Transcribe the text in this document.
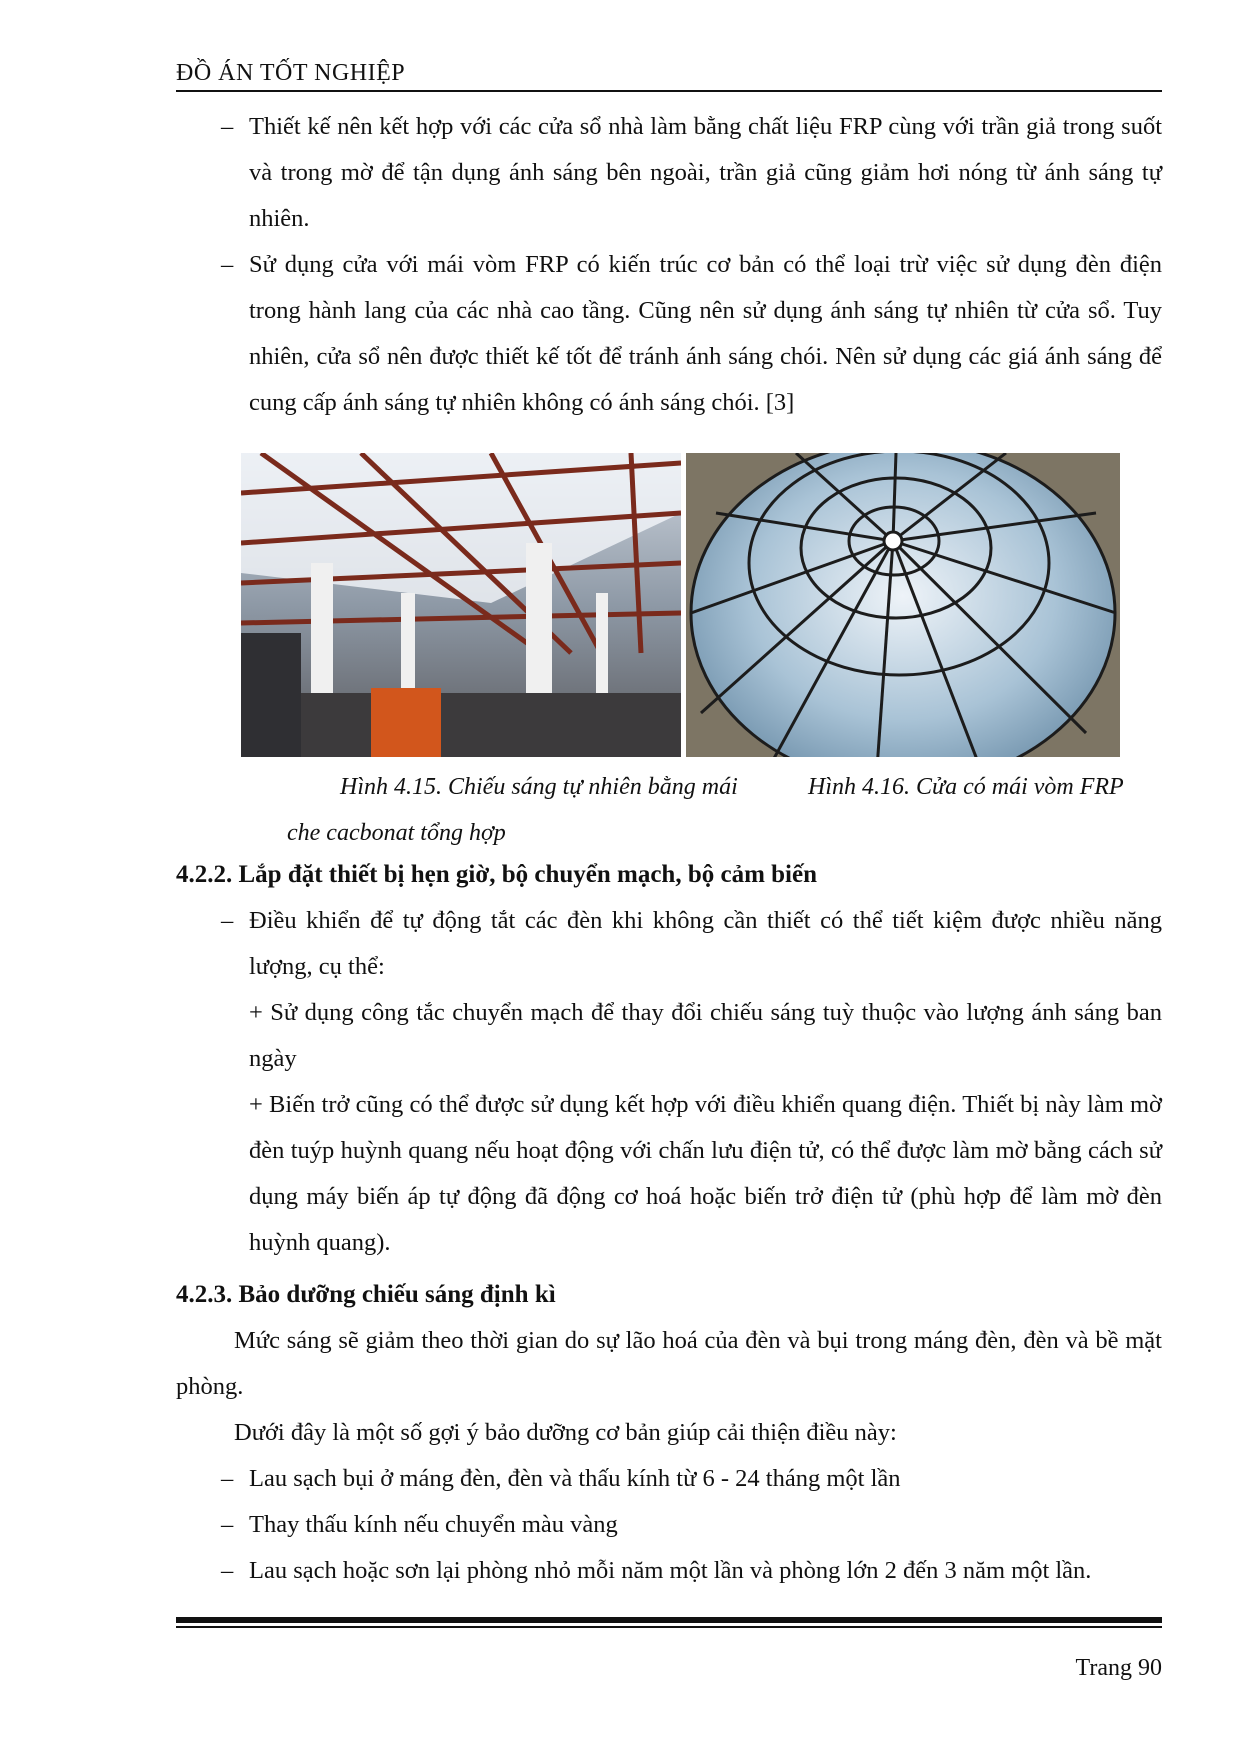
ĐỒ ÁN TỐT NGHIỆP
– Thiết kế nên kết hợp với các cửa sổ nhà làm bằng chất liệu FRP cùng với trần giả trong suốt và trong mờ để tận dụng ánh sáng bên ngoài, trần giả cũng giảm hơi nóng từ ánh sáng tự nhiên.
– Sử dụng cửa với mái vòm FRP có kiến trúc cơ bản có thể loại trừ việc sử dụng đèn điện trong hành lang của các nhà cao tầng. Cũng nên sử dụng ánh sáng tự nhiên từ cửa sổ. Tuy nhiên, cửa sổ nên được thiết kế tốt để tránh ánh sáng chói. Nên sử dụng các giá ánh sáng để cung cấp ánh sáng tự nhiên không có ánh sáng chói. [3]
Hình 4.15. Chiếu sáng tự nhiên bằng mái
che cacbonat tổng hợp
Hình 4.16. Cửa có mái vòm FRP
4.2.2. Lắp đặt thiết bị hẹn giờ, bộ chuyển mạch, bộ cảm biến
– Điều khiển để tự động tắt các đèn khi không cần thiết có thể tiết kiệm được nhiều năng lượng, cụ thể:
+ Sử dụng công tắc chuyển mạch để thay đổi chiếu sáng tuỳ thuộc vào lượng ánh sáng ban ngày
+ Biến trở cũng có thể được sử dụng kết hợp với điều khiển quang điện. Thiết bị này làm mờ đèn tuýp huỳnh quang nếu hoạt động với chấn lưu điện tử, có thể được làm mờ bằng cách sử dụng máy biến áp tự động đã động cơ hoá hoặc biến trở điện tử (phù hợp để làm mờ đèn huỳnh quang).
4.2.3. Bảo dưỡng chiếu sáng định kì
Mức sáng sẽ giảm theo thời gian do sự lão hoá của đèn và bụi trong máng đèn, đèn và bề mặt phòng.
Dưới đây là một số gợi ý bảo dưỡng cơ bản giúp cải thiện điều này:
– Lau sạch bụi ở máng đèn, đèn và thấu kính từ 6 - 24 tháng một lần
– Thay thấu kính nếu chuyển màu vàng
– Lau sạch hoặc sơn lại phòng nhỏ mỗi năm một lần và phòng lớn 2 đến 3 năm một lần.
Trang 90
